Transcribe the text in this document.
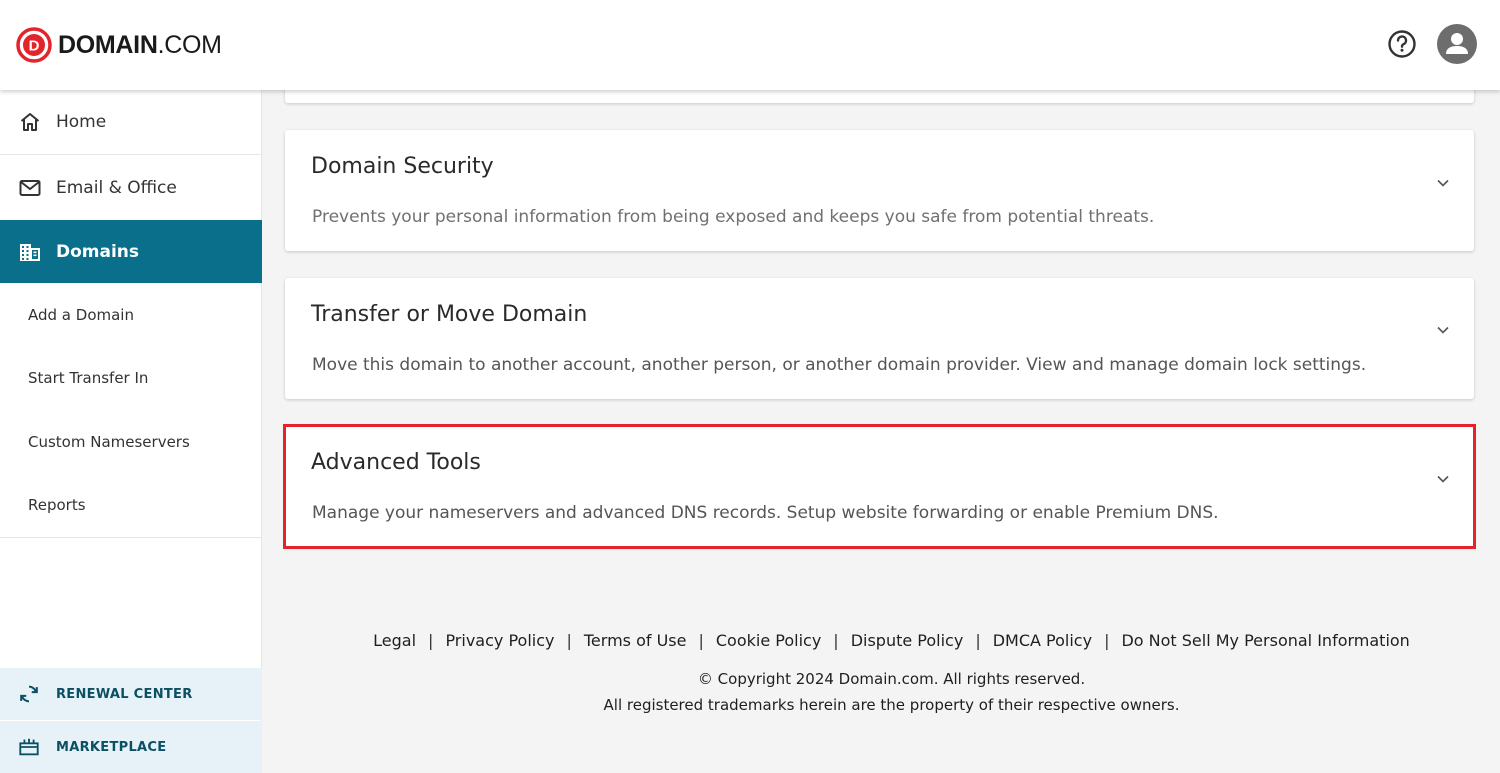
D DOMAIN.COM
Home
Email & Office
Domains
Add a Domain
Start Transfer In
Custom Nameservers
Reports
RENEWAL CENTER
MARKETPLACE
Domain Security
Prevents your personal information from being exposed and keeps you safe from potential threats.
Transfer or Move Domain
Move this domain to another account, another person, or another domain provider. View and manage domain lock settings.
Advanced Tools
Manage your nameservers and advanced DNS records. Setup website forwarding or enable Premium DNS.
Legal | Privacy Policy | Terms of Use | Cookie Policy | Dispute Policy | DMCA Policy | Do Not Sell My Personal Information
© Copyright 2024 Domain.com. All rights reserved.
All registered trademarks herein are the property of their respective owners.
